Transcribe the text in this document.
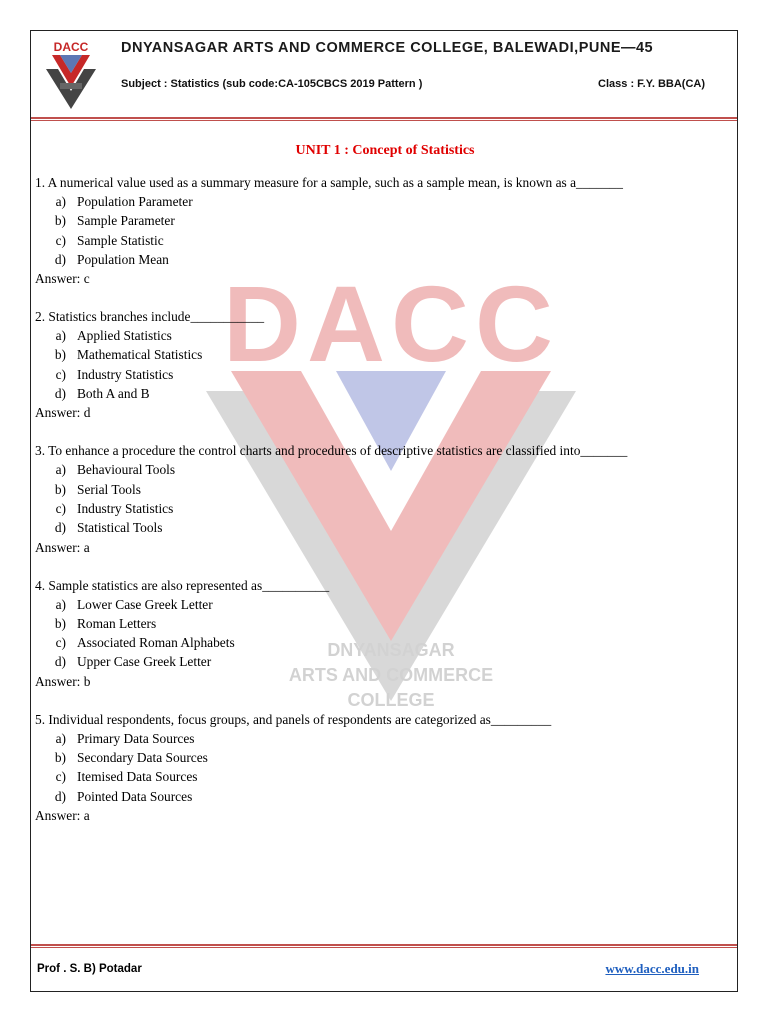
DACC DNYANSAGAR ARTS AND COMMERCE COLLEGE, BALEWADI,PUNE—45
Subject : Statistics (sub code:CA-105CBCS 2019 Pattern )	Class : F.Y. BBA(CA)
DACC
DNYANSAGAR
ARTS AND COMMERCE
COLLEGE
UNIT 1 : Concept of Statistics
1. A numerical value used as a summary measure for a sample, such as a sample mean, is known as a_______
a) Population Parameter
b) Sample Parameter
c) Sample Statistic
d) Population Mean
Answer: c
2. Statistics branches include___________
a) Applied Statistics
b) Mathematical Statistics
c) Industry Statistics
d) Both A and B
Answer: d
3. To enhance a procedure the control charts and procedures of descriptive statistics are classified into_______
a) Behavioural Tools
b) Serial Tools
c) Industry Statistics
d) Statistical Tools
Answer: a
4. Sample statistics are also represented as__________
a) Lower Case Greek Letter
b) Roman Letters
c) Associated Roman Alphabets
d) Upper Case Greek Letter
Answer: b
5. Individual respondents, focus groups, and panels of respondents are categorized as_________
a) Primary Data Sources
b) Secondary Data Sources
c) Itemised Data Sources
d) Pointed Data Sources
Answer: a
Prof . S. B) Potadar	www.dacc.edu.in
